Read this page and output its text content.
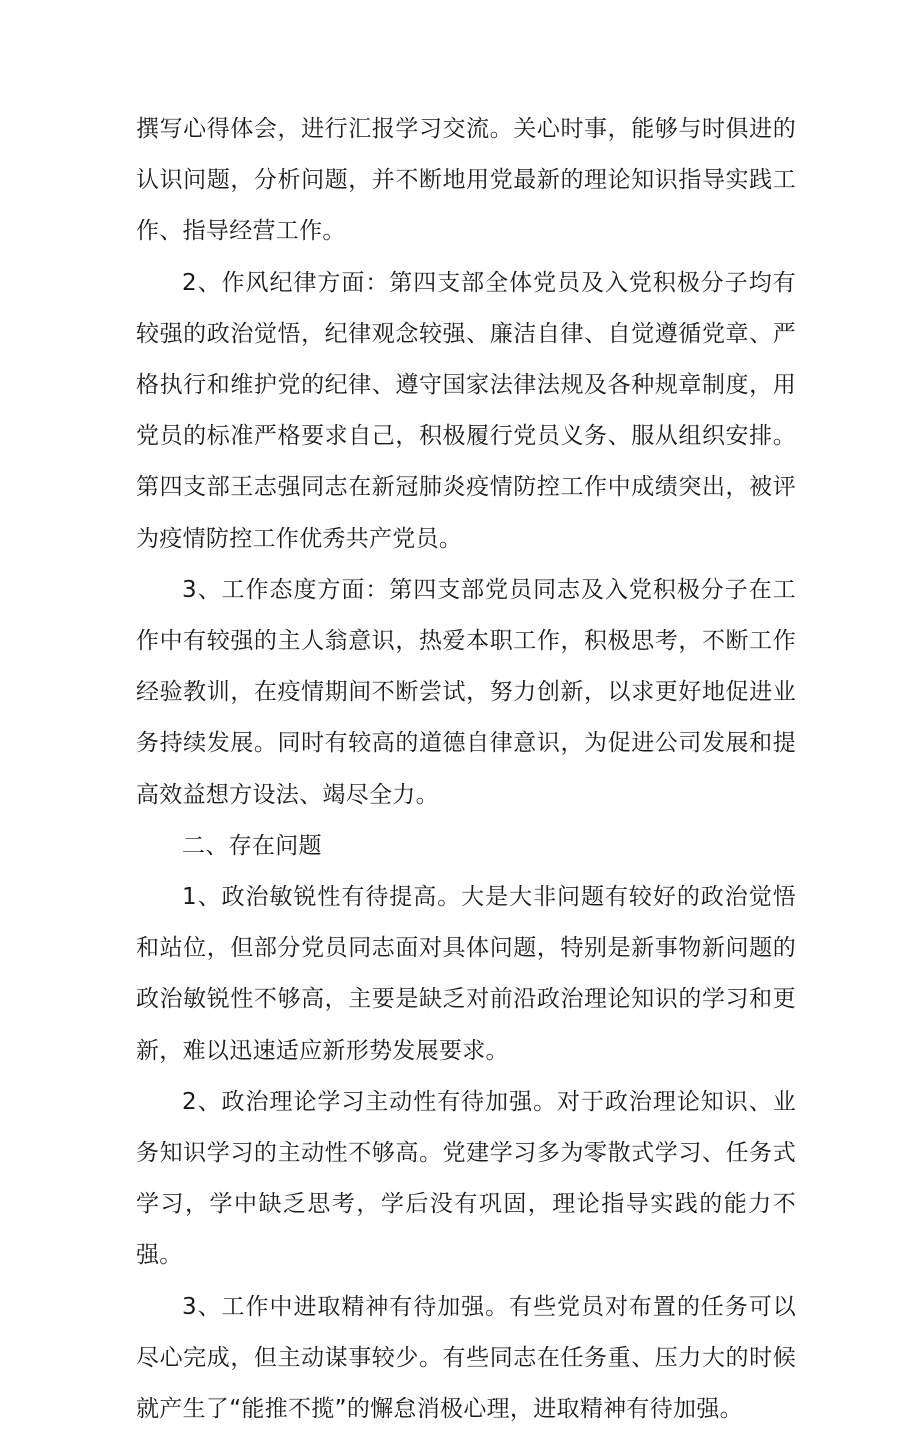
撰写心得体会，进行汇报学习交流。关心时事，能够与时俱进的认识问题，分析问题，并不断地用党最新的理论知识指导实践工作、指导经营工作。

2、作风纪律方面：第四支部全体党员及入党积极分子均有较强的政治觉悟，纪律观念较强、廉洁自律、自觉遵循党章、严格执行和维护党的纪律、遵守国家法律法规及各种规章制度，用党员的标准严格要求自己，积极履行党员义务、服从组织安排。第四支部王志强同志在新冠肺炎疫情防控工作中成绩突出，被评为疫情防控工作优秀共产党员。

3、工作态度方面：第四支部党员同志及入党积极分子在工作中有较强的主人翁意识，热爱本职工作，积极思考，不断工作经验教训，在疫情期间不断尝试，努力创新，以求更好地促进业务持续发展。同时有较高的道德自律意识，为促进公司发展和提高效益想方设法、竭尽全力。

二、存在问题

1、政治敏锐性有待提高。大是大非问题有较好的政治觉悟和站位，但部分党员同志面对具体问题，特别是新事物新问题的政治敏锐性不够高，主要是缺乏对前沿政治理论知识的学习和更新，难以迅速适应新形势发展要求。

2、政治理论学习主动性有待加强。对于政治理论知识、业务知识学习的主动性不够高。党建学习多为零散式学习、任务式学习，学中缺乏思考，学后没有巩固，理论指导实践的能力不强。

3、工作中进取精神有待加强。有些党员对布置的任务可以尽心完成，但主动谋事较少。有些同志在任务重、压力大的时候就产生了“能推不揽”的懈怠消极心理，进取精神有待加强。
